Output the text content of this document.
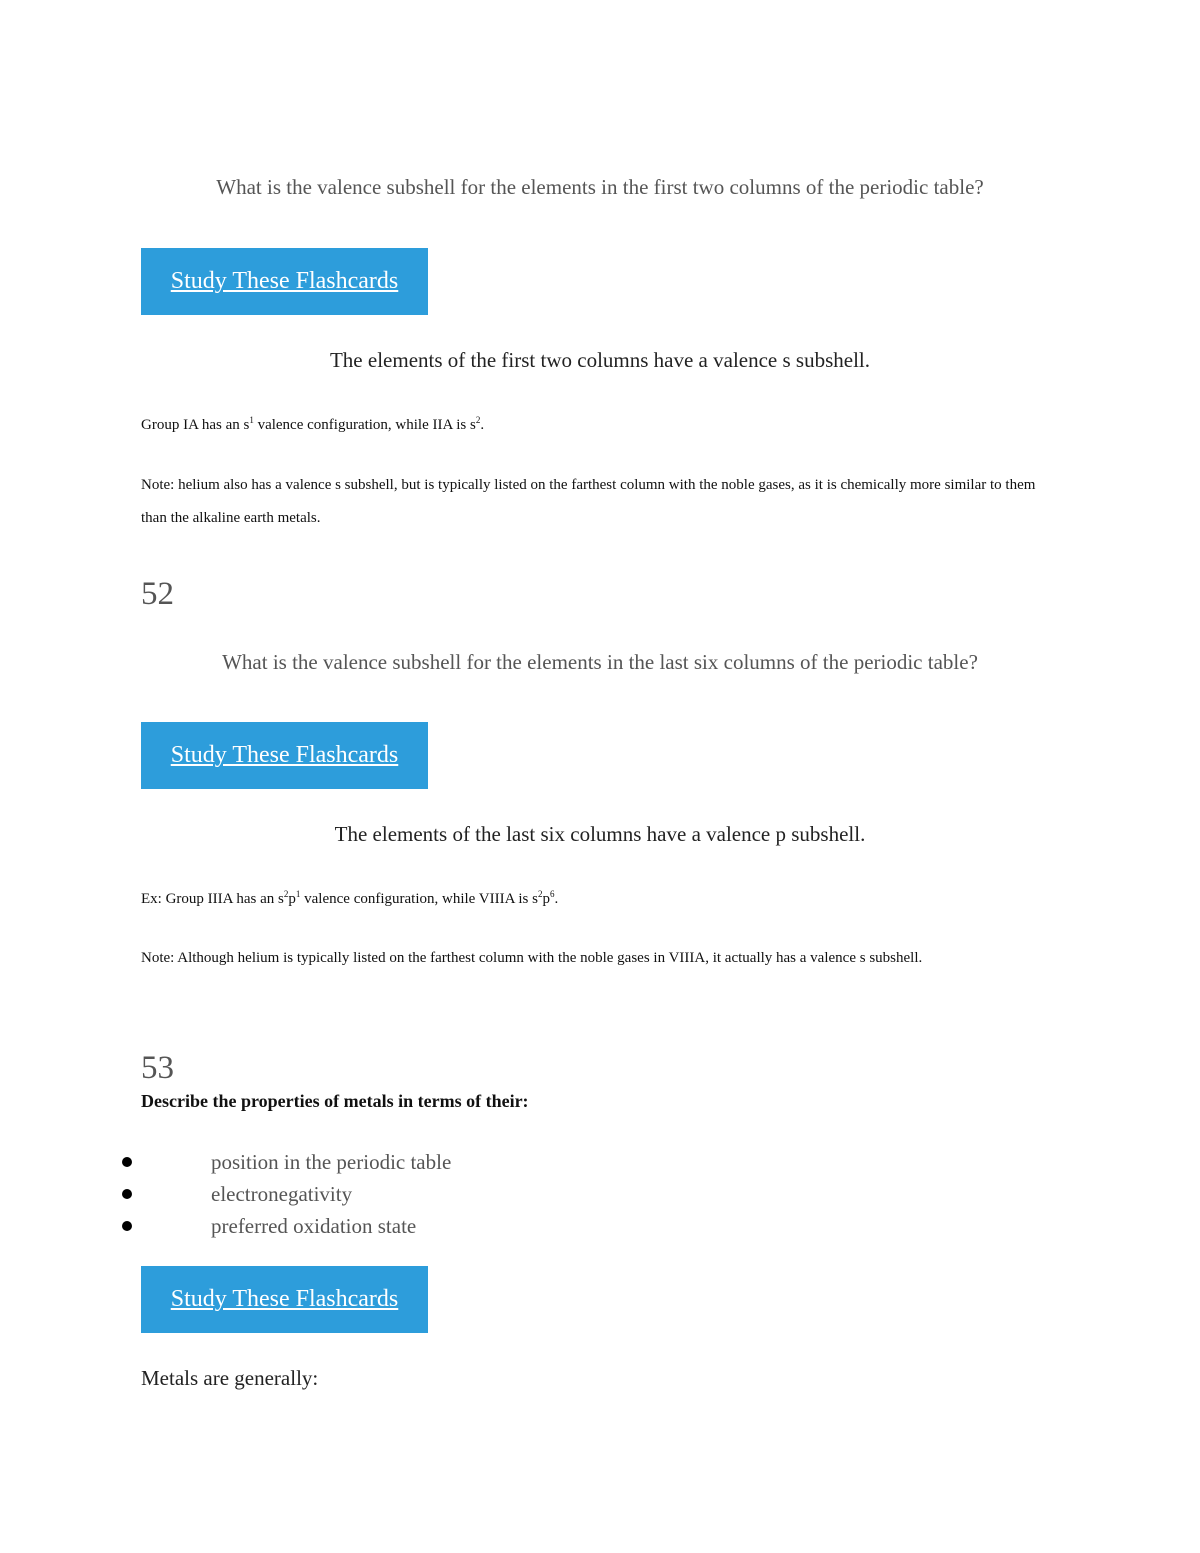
What is the valence subshell for the elements in the first two columns of the periodic table?
Study These Flashcards
The elements of the first two columns have a valence s subshell.
Group IA has an $s^1$ valence configuration, while IIA is $s^2$.
Note: helium also has a valence s subshell, but is typically listed on the farthest column with the noble gases, as it is chemically more similar to them than the alkaline earth metals.
52
What is the valence subshell for the elements in the last six columns of the periodic table?
Study These Flashcards
The elements of the last six columns have a valence p subshell.
Ex: Group IIIA has an $s^2p^1$ valence configuration, while VIIIA is $s^2p^6$.
Note: Although helium is typically listed on the farthest column with the noble gases in VIIIA, it actually has a valence s subshell.
53
Describe the properties of metals in terms of their:
position in the periodic table
electronegativity
preferred oxidation state
Study These Flashcards
Metals are generally:
